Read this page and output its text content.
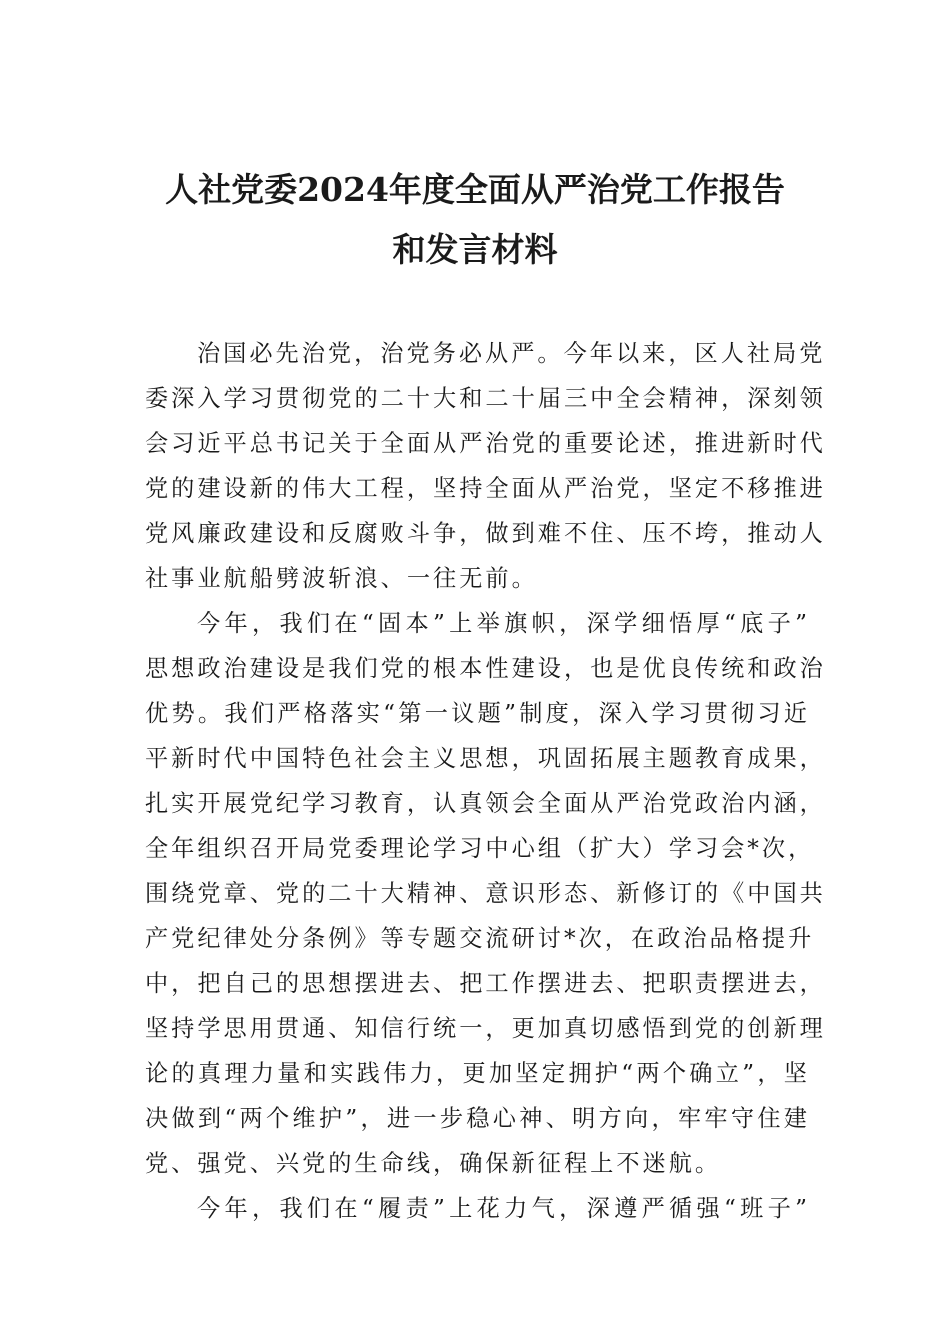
人社党委2024年度全面从严治党工作报告
和发言材料
治国必先治党，治党务必从严。今年以来，区人社局党
委深入学习贯彻党的二十大和二十届三中全会精神，深刻领
会习近平总书记关于全面从严治党的重要论述，推进新时代
党的建设新的伟大工程，坚持全面从严治党，坚定不移推进
党风廉政建设和反腐败斗争，做到难不住、压不垮，推动人
社事业航船劈波斩浪、一往无前。
今年，我们在“固本”上举旗帜，深学细悟厚“底子”
思想政治建设是我们党的根本性建设，也是优良传统和政治
优势。我们严格落实“第一议题”制度，深入学习贯彻习近
平新时代中国特色社会主义思想，巩固拓展主题教育成果，
扎实开展党纪学习教育，认真领会全面从严治党政治内涵，
全年组织召开局党委理论学习中心组（扩大）学习会*次，
围绕党章、党的二十大精神、意识形态、新修订的《中国共
产党纪律处分条例》等专题交流研讨*次，在政治品格提升
中，把自己的思想摆进去、把工作摆进去、把职责摆进去，
坚持学思用贯通、知信行统一，更加真切感悟到党的创新理
论的真理力量和实践伟力，更加坚定拥护“两个确立”，坚
决做到“两个维护”，进一步稳心神、明方向，牢牢守住建
党、强党、兴党的生命线，确保新征程上不迷航。
今年，我们在“履责”上花力气，深遵严循强“班子”
